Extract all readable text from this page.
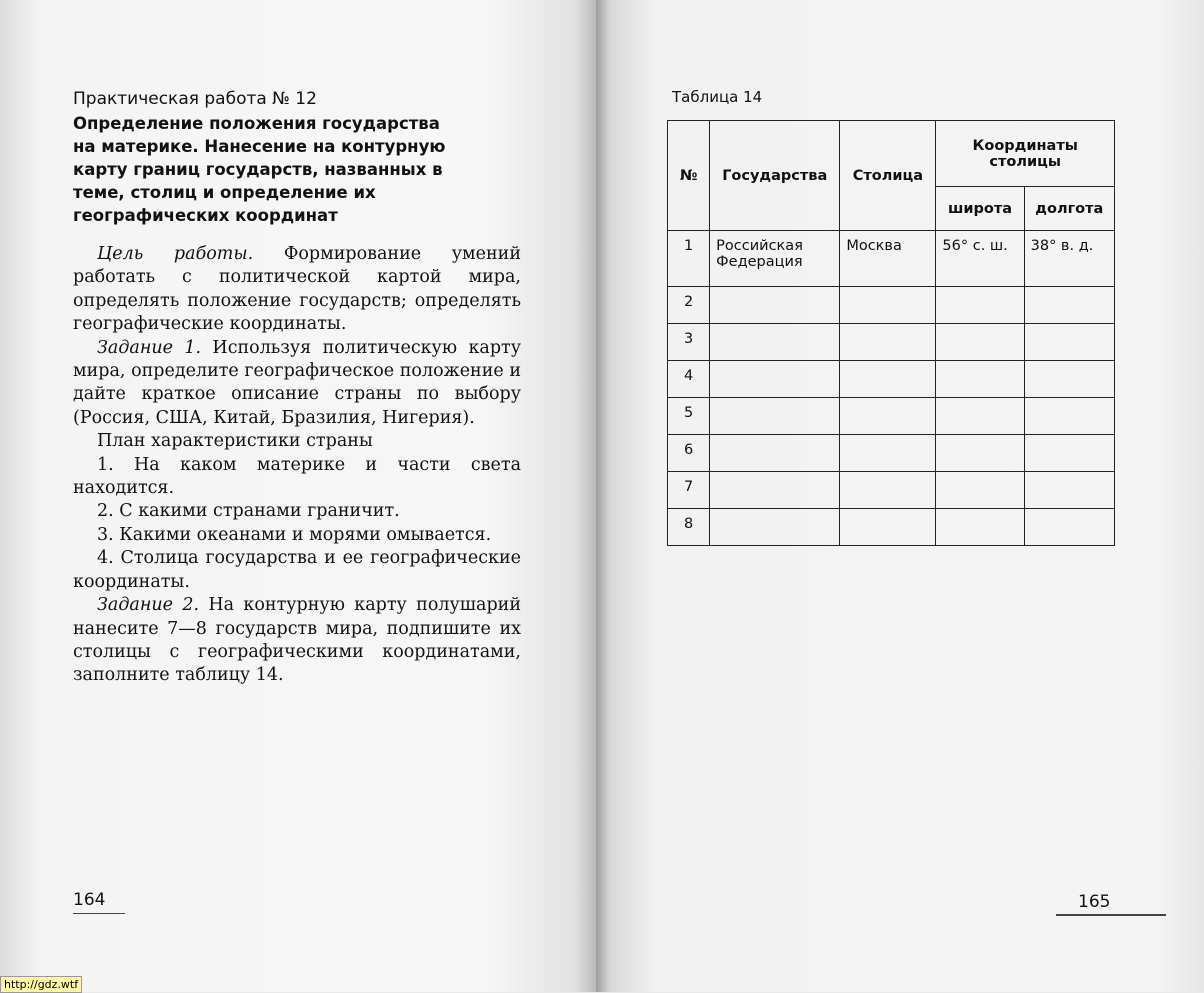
Практическая работа № 12
Определение положения государства
на материке. Нанесение на контурную
карту границ государств, названных в
теме, столиц и определение их
географических координат

Цель работы. Формирование умений работать с политической картой мира, определять положение государств; определять географические координаты.

Задание 1. Используя политическую карту мира, определите географическое положение и дайте краткое описание страны по выбору (Россия, США, Китай, Бразилия, Нигерия).

План характеристики страны

1. На каком материке и части света находится.

2. С какими странами граничит.

3. Какими океанами и морями омывается.

4. Столица государства и ее географические координаты.

Задание 2. На контурную карту полушарий нанесите 7—8 государств мира, подпишите их столицы с географическими координатами, заполните таблицу 14.

164
Таблица 14
№	Государства	Столица	Координаты столицы	
			широта	долгота
1	Российская Федерация	Москва	56° с. ш.	38° в. д.
2				
3				
4				
5				
6				
7				
8				
165
http://gdz.wtf
